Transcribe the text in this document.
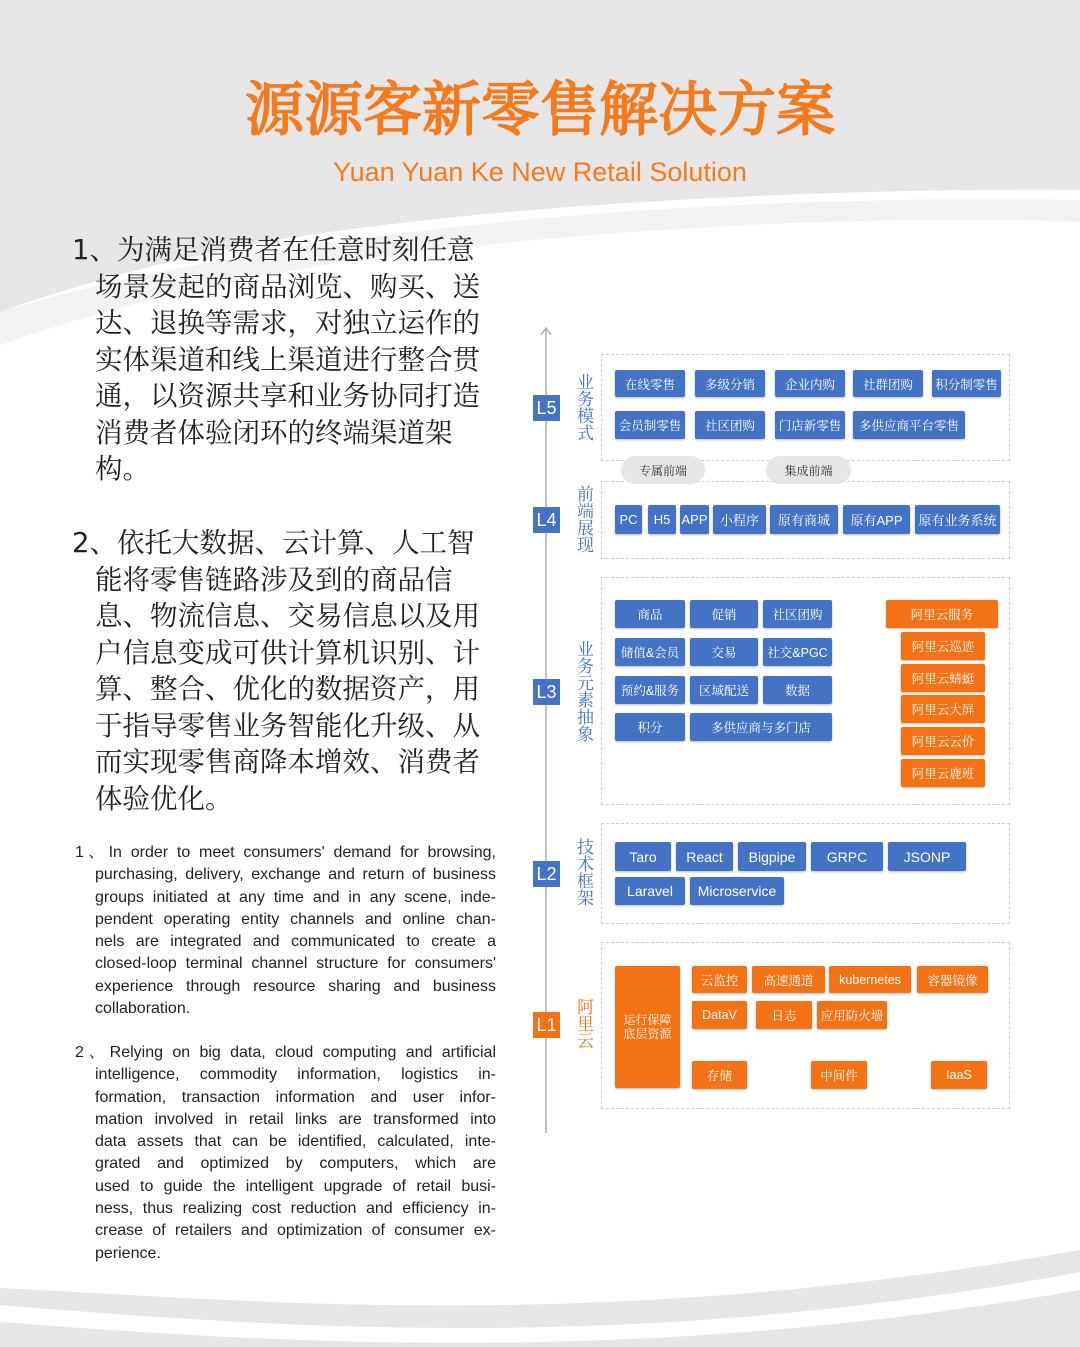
源源客新零售解决方案
Yuan Yuan Ke New Retail Solution
1、为满足消费者在任意时刻任意
场景发起的商品浏览、购买、送
达、退换等需求，对独立运作的
实体渠道和线上渠道进行整合贯
通，以资源共享和业务协同打造
消费者体验闭环的终端渠道架
构。
2、依托大数据、云计算、人工智
能将零售链路涉及到的商品信
息、物流信息、交易信息以及用
户信息变成可供计算机识别、计
算、整合、优化的数据资产，用
于指导零售业务智能化升级、从
而实现零售商降本增效、消费者
体验优化。
1、In order to meet consumers' demand for browsing,
purchasing, delivery, exchange and return of business
groups initiated at any time and in any scene, inde-
pendent operating entity channels and online chan-
nels are integrated and communicated to create a
closed-loop terminal channel structure for consumers'
experience through resource sharing and business
collaboration.
2、Relying on big data, cloud computing and artificial
intelligence, commodity information, logistics in-
formation, transaction information and user infor-
mation involved in retail links are transformed into
data assets that can be identified, calculated, inte-
grated and optimized by computers, which are
used to guide the intelligent upgrade of retail busi-
ness, thus realizing cost reduction and efficiency in-
crease of retailers and optimization of consumer ex-
perience.
L5
L4
L3
L2
L1
业务模式
前端展现
业务元素抽象
技术框架
阿里云
在线零售	多级分销	企业内购	社群团购	积分制零售
会员制零售	社区团购	门店新零售	多供应商平台零售
专属前端	集成前端
PC	H5 APP 小程序	原有商城	原有APP	原有业务系统
商品	促销	社区团购
储值&会员	交易	社交&PGC
预约&服务	区域配送	数据
积分	多供应商与多门店
阿里云服务
阿里云巡迹
阿里云蜻蜓
阿里云大屏
阿里云云价
阿里云鹿班
Taro	React	Bigpipe	GRPC	JSONP
Laravel	Microservice
运行保障
底层资源
云监控	高速通道	kubernetes	容器镜像
DataV	日志	应用防火墙
存储	中间件	IaaS
